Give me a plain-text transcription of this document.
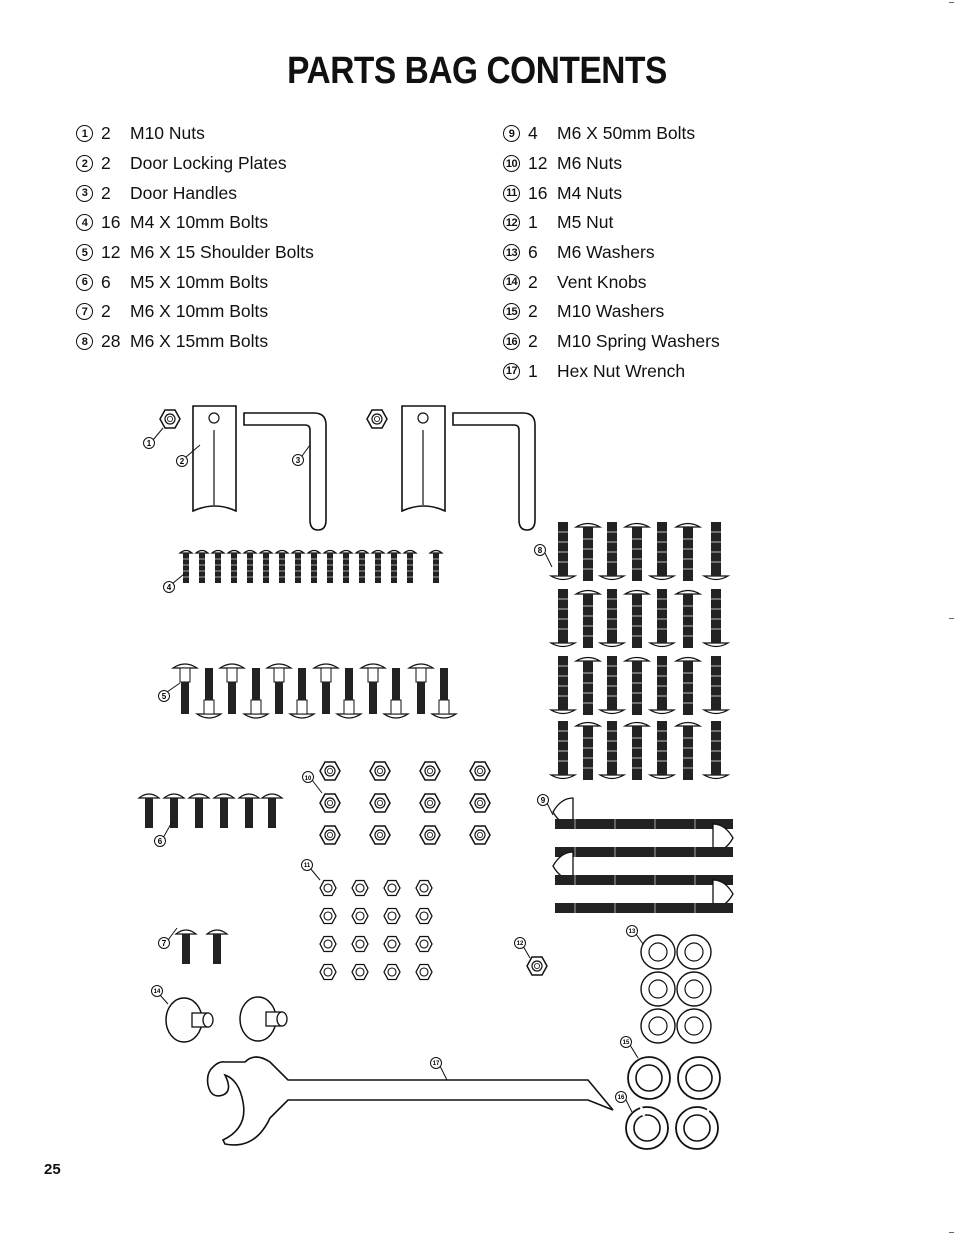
PARTS BAG CONTENTS
1 2	M10 Nuts
2 2	Door Locking Plates
3 2	Door Handles
4 16 M4 X 10mm Bolts
5 12 M6 X 15 Shoulder Bolts
6 6	M5 X 10mm Bolts
7 2	M6 X 10mm Bolts
8 28 M6 X 15mm Bolts
9 4	M6 X 50mm Bolts
10 12 M6 Nuts
11 16 M4 Nuts
12 1	M5 Nut
13 6	M6 Washers
14 2	Vent Knobs
15 2	M10 Washers
16 2	M10 Spring Washers
17 1	Hex Nut Wrench
1
2	3
4
5
6
7
8
9
10
11
12
13
14
15
16
17
25
